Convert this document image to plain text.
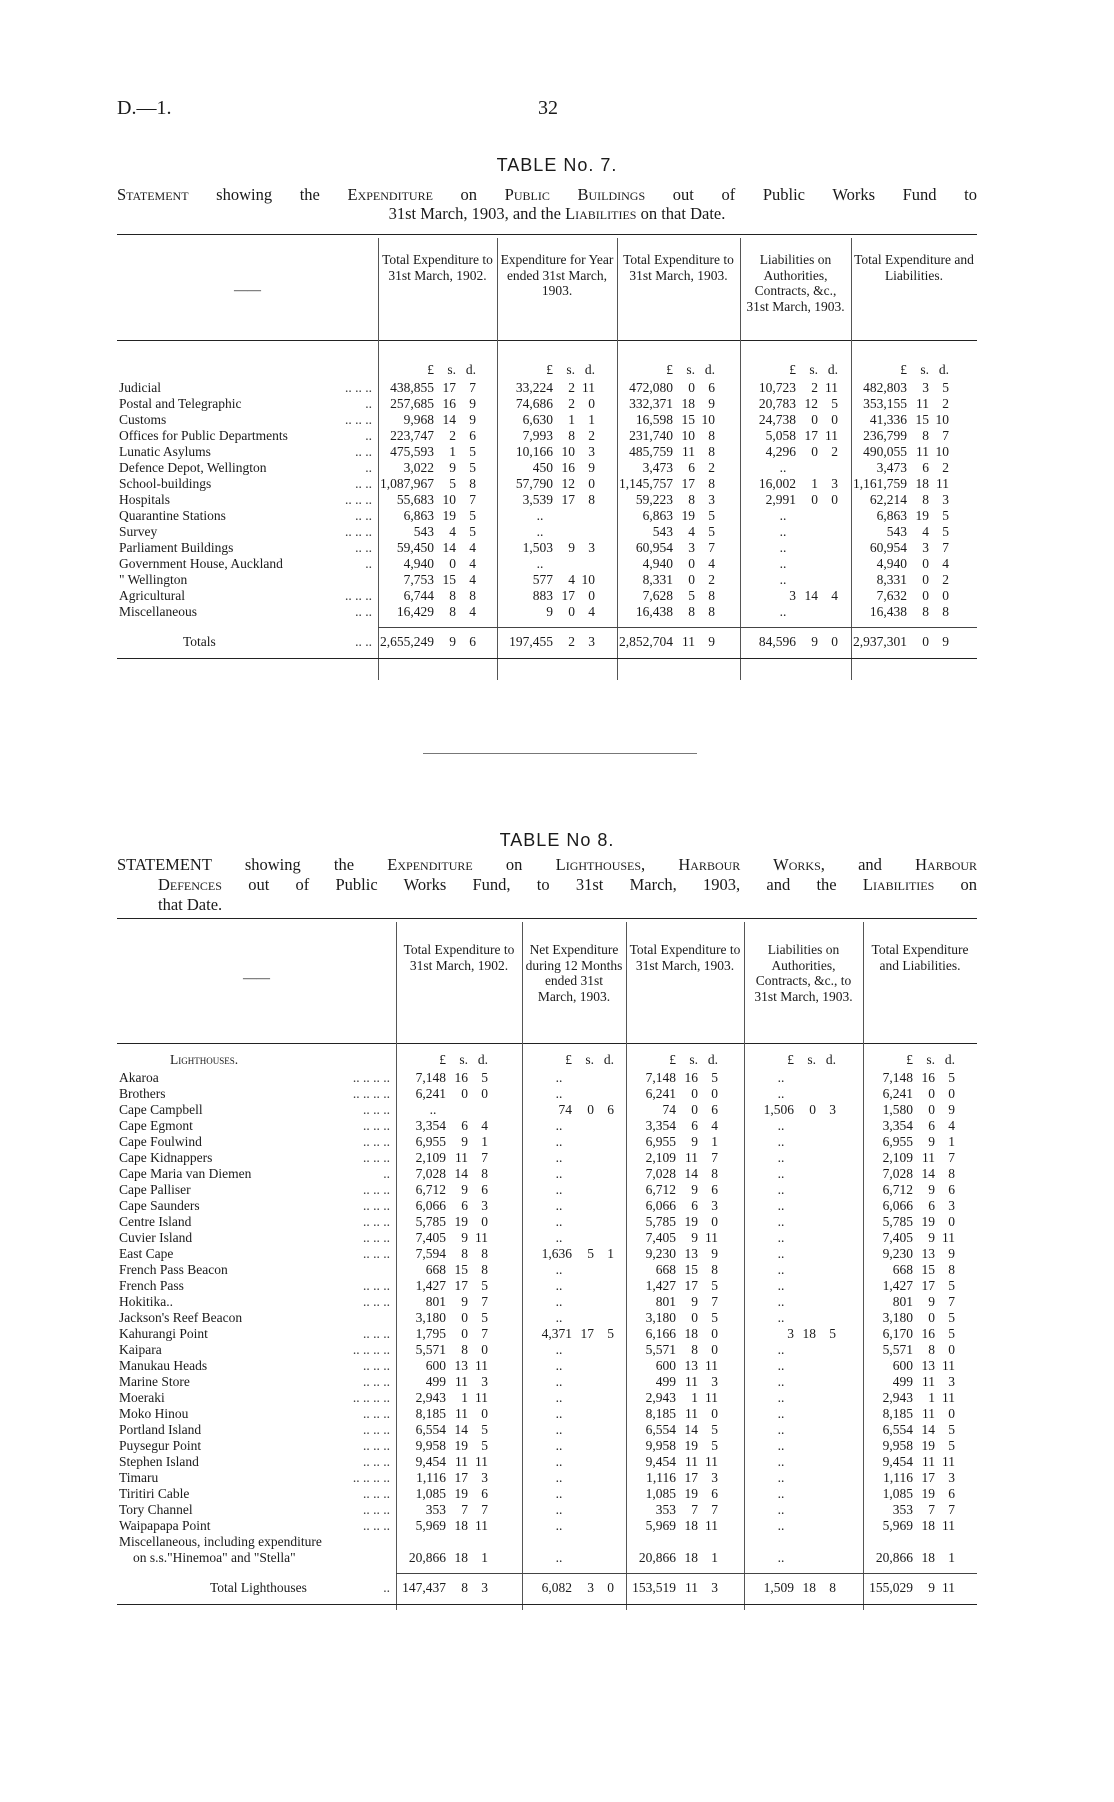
D.—1.	32
TABLE No. 7.
Statement showing the Expenditure on Public Buildings out of Public Works Fund to
31st March, 1903, and the Liabilities on that Date.
——
Total Expenditure to 31st March, 1902.
Expenditure for Year ended 31st March, 1903.
Total Expenditure to 31st March, 1903.
Liabilities on Authorities, Contracts, &c., 31st March, 1903.
Total Expenditure and Liabilities.
£ s. d.	£ s. d.	£ s. d.	£ s. d.	£ s. d.
Judicial	.. .. ..	438,855 17 7	33,224 2 11	472,080 0 6	10,723 2 11	482,803 3 5
Postal and Telegraphic	..	257,685 16 9	74,686 2 0	332,371 18 9	20,783 12 5	353,155 11 2
Customs	.. .. ..	9,968 14 9	6,630 1 1	16,598 15 10	24,738 0 0	41,336 15 10
Offices for Public Departments	..	223,747 2 6	7,993 8 2	231,740 10 8	5,058 17 11	236,799 8 7
Lunatic Asylums	.. ..	475,593 1 5	10,166 10 3	485,759 11 8	4,296 0 2	490,055 11 10
Defence Depot, Wellington	..	3,022 9 5	450 16 9	3,473 6 2	..	3,473 6 2
School-buildings	.. .. 1,087,967 5 8	57,790 12 0	1,145,757 17 8	16,002 1 3	1,161,759 18 11
Hospitals	.. .. ..	55,683 10 7	3,539 17 8	59,223 8 3	2,991 0 0	62,214 8 3
Quarantine Stations	.. ..	6,863 19 5	..	6,863 19 5	..	6,863 19 5
Survey	.. .. ..	543 4 5	..	543 4 5	..	543 4 5
Parliament Buildings	.. ..	59,450 14 4	1,503 9 3	60,954 3 7	..	60,954 3 7
Government House, Auckland	..	4,940 0 4	..	4,940 0 4	..	4,940 0 4
" Wellington	7,753 15 4	577 4 10	8,331 0 2	..	8,331 0 2
Agricultural	.. .. ..	6,744 8 8	883 17 0	7,628 5 8	3 14 4	7,632 0 0
Miscellaneous	.. ..	16,429 8 4	9 0 4	16,438 8 8	..	16,438 8 8
Totals	.. .. 2,655,249 9 6	197,455 2 3	2,852,704 11 9	84,596 9 0	2,937,301 0 9
TABLE No 8.
STATEMENT showing the Expenditure on Lighthouses, Harbour Works, and Harbour
Defences out of Public Works Fund, to 31st March, 1903, and the Liabilities on
that Date.
——
Total Expenditure to 31st March, 1902.
Net Expenditure during 12 Months ended 31st March, 1903.
Total Expenditure to 31st March, 1903.
Liabilities on Authorities, Contracts, &c., to 31st March, 1903.
Total Expenditure and Liabilities.
£ s. d.	£ s. d.	£ s. d.	£ s. d.	£ s. d.
Lighthouses.
Akaroa	.. .. .. ..	7,148 16 5	..	7,148 16 5	..	7,148 16 5
Brothers	.. .. .. ..	6,241 0 0	..	6,241 0 0	..	6,241 0 0
Cape Campbell	.. .. ..	..	74 0 6	74 0 6	1,506 0 3	1,580 0 9
Cape Egmont	.. .. ..	3,354 6 4	..	3,354 6 4	..	3,354 6 4
Cape Foulwind	.. .. ..	6,955 9 1	..	6,955 9 1	..	6,955 9 1
Cape Kidnappers	.. .. ..	2,109 11 7	..	2,109 11 7	..	2,109 11 7
Cape Maria van Diemen	..	7,028 14 8	..	7,028 14 8	..	7,028 14 8
Cape Palliser	.. .. ..	6,712 9 6	..	6,712 9 6	..	6,712 9 6
Cape Saunders	.. .. ..	6,066 6 3	..	6,066 6 3	..	6,066 6 3
Centre Island	.. .. ..	5,785 19 0	..	5,785 19 0	..	5,785 19 0
Cuvier Island	.. .. ..	7,405 9 11	..	7,405 9 11	..	7,405 9 11
East Cape	.. .. ..	7,594 8 8	1,636 5 1	9,230 13 9	..	9,230 13 9
French Pass Beacon	668 15 8	..	668 15 8	..	668 15 8
French Pass	.. .. ..	1,427 17 5	..	1,427 17 5	..	1,427 17 5
Hokitika..	.. .. ..	801 9 7	..	801 9 7	..	801 9 7
Jackson's Reef Beacon	3,180 0 5	..	3,180 0 5	..	3,180 0 5
Kahurangi Point	.. .. ..	1,795 0 7	4,371 17 5	6,166 18 0	3 18 5	6,170 16 5
Kaipara	.. .. .. ..	5,571 8 0	..	5,571 8 0	..	5,571 8 0
Manukau Heads	.. .. ..	600 13 11	..	600 13 11	..	600 13 11
Marine Store	.. .. ..	499 11 3	..	499 11 3	..	499 11 3
Moeraki	.. .. .. ..	2,943 1 11	..	2,943 1 11	..	2,943 1 11
Moko Hinou	.. .. ..	8,185 11 0	..	8,185 11 0	..	8,185 11 0
Portland Island	.. .. ..	6,554 14 5	..	6,554 14 5	..	6,554 14 5
Puysegur Point	.. .. ..	9,958 19 5	..	9,958 19 5	..	9,958 19 5
Stephen Island	.. .. ..	9,454 11 11	..	9,454 11 11	..	9,454 11 11
Timaru	.. .. .. ..	1,116 17 3	..	1,116 17 3	..	1,116 17 3
Tiritiri Cable	.. .. ..	1,085 19 6	..	1,085 19 6	..	1,085 19 6
Tory Channel	.. .. ..	353 7 7	..	353 7 7	..	353 7 7
Waipapapa Point	.. .. ..	5,969 18 11	..	5,969 18 11	..	5,969 18 11
Miscellaneous, including expenditure
on s.s."Hinemoa" and "Stella"	20,866 18 1	..	20,866 18 1	..	20,866 18 1
Total Lighthouses	.. 147,437 8 3	6,082 3 0	153,519 11 3	1,509 18 8	155,029 9 11
